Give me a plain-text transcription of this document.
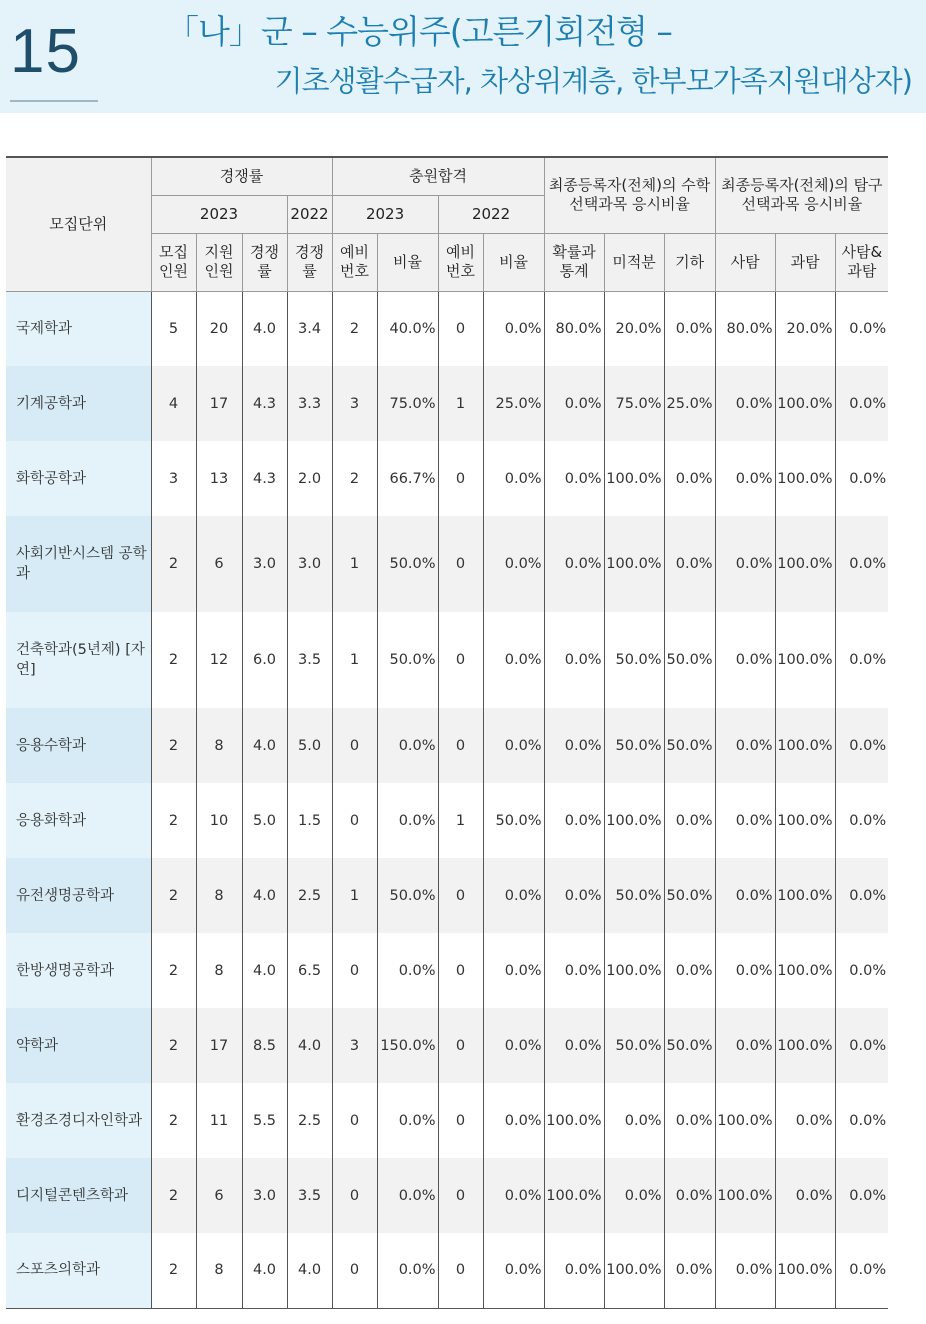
15	「나」군 – 수능위주(고른기회전형 –
기초생활수급자, 차상위계층, 한부모가족지원대상자)
모집단위	경쟁률				충원합격				최종등록자(전체)의 수학선택과목 응시비율			최종등록자(전체)의 탐구선택과목 응시비율		
	2023			2022	2023		2022							
	모집 인원	지원 인원	경쟁 률	경쟁 률	예비 번호	비율	예비 번호	비율	확률과 통계	미적분	기하	사탐	과탐	사탐& 과탐
국제학과	5	20	4.0	3.4	2	40.0%	0	0.0%	80.0%	20.0%	0.0%	80.0%	20.0%	0.0%
기계공학과	4	17	4.3	3.3	3	75.0%	1	25.0%	0.0%	75.0%	25.0%	0.0%	100.0%	0.0%
화학공학과	3	13	4.3	2.0	2	66.7%	0	0.0%	0.0%	100.0%	0.0%	0.0%	100.0%	0.0%
사회기반시스템 공학과	2	6	3.0	3.0	1	50.0%	0	0.0%	0.0%	100.0%	0.0%	0.0%	100.0%	0.0%
건축학과(5년제) [자연]	2	12	6.0	3.5	1	50.0%	0	0.0%	0.0%	50.0%	50.0%	0.0%	100.0%	0.0%
응용수학과	2	8	4.0	5.0	0	0.0%	0	0.0%	0.0%	50.0%	50.0%	0.0%	100.0%	0.0%
응용화학과	2	10	5.0	1.5	0	0.0%	1	50.0%	0.0%	100.0%	0.0%	0.0%	100.0%	0.0%
유전생명공학과	2	8	4.0	2.5	1	50.0%	0	0.0%	0.0%	50.0%	50.0%	0.0%	100.0%	0.0%
한방생명공학과	2	8	4.0	6.5	0	0.0%	0	0.0%	0.0%	100.0%	0.0%	0.0%	100.0%	0.0%
약학과	2	17	8.5	4.0	3	150.0%	0	0.0%	0.0%	50.0%	50.0%	0.0%	100.0%	0.0%
환경조경디자인학과	2	11	5.5	2.5	0	0.0%	0	0.0%	100.0%	0.0%	0.0%	100.0%	0.0%	0.0%
디지털콘텐츠학과	2	6	3.0	3.5	0	0.0%	0	0.0%	100.0%	0.0%	0.0%	100.0%	0.0%	0.0%
스포츠의학과	2	8	4.0	4.0	0	0.0%	0	0.0%	0.0%	100.0%	0.0%	0.0%	100.0%	0.0%
